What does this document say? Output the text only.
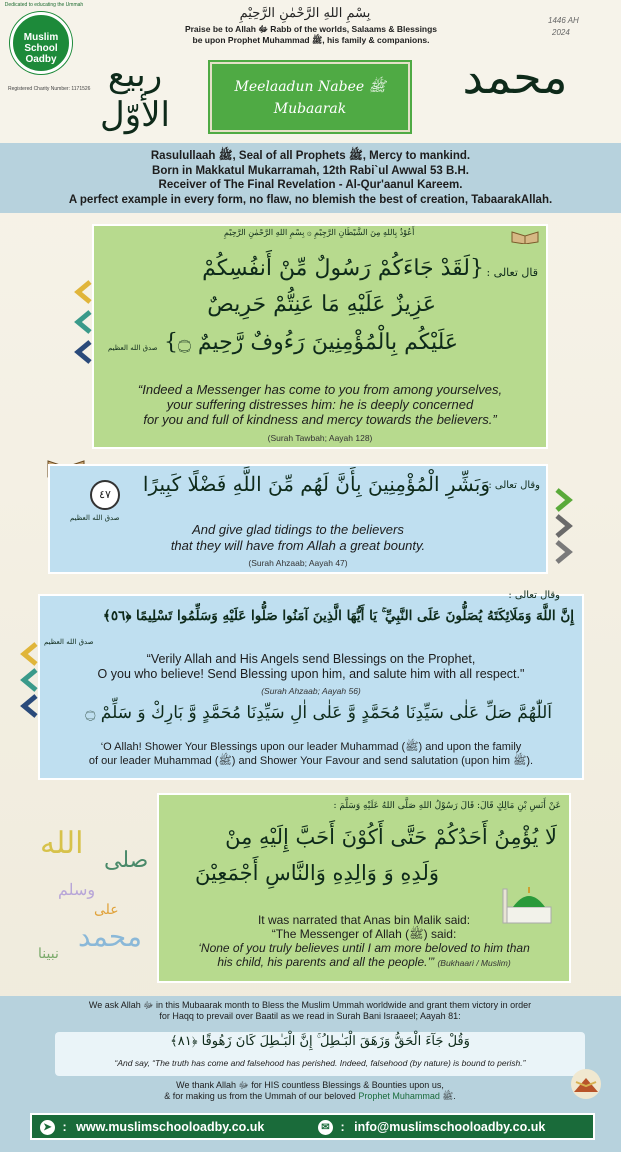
Muslim
School
Oadby
Dedicated to educating the Ummah
Registered Charity Number: 1171526
بِسْمِ اللهِ الرَّحْمٰنِ الرَّحِيْمِ
Praise be to Allah ﷻ Rabb of the worlds, Salaams & Blessings
be upon Prophet Muhammad ﷺ, his family & companions.
1446 AH
2024
ربيع الأوّل
محمد
Meelaadun Nabee ﷺ
Mubaarak
Rasulullaah ﷺ, Seal of all Prophets ﷺ, Mercy to mankind.
Born in Makkatul Mukarramah, 12th Rabi`ul Awwal 53 B.H.
Receiver of The Final Revelation - Al-Qur'aanul Kareem.
A perfect example in every form, no flaw, no blemish the best of creation, TabaarakAllah.
أَعُوْذُ بِاللهِ مِنَ الشَّيْطَانِ الرَّجِيْمِ ۞ بِسْمِ اللهِ الرَّحْمٰنِ الرَّحِيْمِ
قال تعالى :
{لَقَدْ جَاءَكُمْ رَسُولٌ مِّنْ أَنفُسِكُمْ
عَزِيزٌ عَلَيْهِ مَا عَنِتُّمْ حَرِيصٌ
عَلَيْكُم بِالْمُؤْمِنِينَ رَءُوفٌ رَّحِيمٌ ۝}
صدق الله العظيم
“Indeed a Messenger has come to you from among yourselves,
your suffering distresses him: he is deeply concerned
for you and full of kindness and mercy towards the believers.”
(Surah Tawbah; Aayah 128)
وقال تعالى :
وَبَشِّرِ الْمُؤْمِنِينَ بِأَنَّ لَهُم مِّنَ اللَّهِ فَضْلًا كَبِيرًا
٤٧
صدق الله العظيم
And give glad tidings to the believers
that they will have from Allah a great bounty.
(Surah Ahzaab; Aayah 47)
وقال تعالى :
إِنَّ اللَّهَ وَمَلَائِكَتَهُ يُصَلُّونَ عَلَى النَّبِيِّ ۚ يَا أَيُّهَا الَّذِينَ آمَنُوا صَلُّوا عَلَيْهِ وَسَلِّمُوا تَسْلِيمًا ﴿٥٦﴾
صدق الله العظيم
“Verily Allah and His Angels send Blessings on the Prophet,
O you who believe! Send Blessing upon him, and salute him with all respect."
(Surah Ahzaab; Aayah 56)
اَللّٰهُمَّ صَلِّ عَلٰى سَيِّدِنَا مُحَمَّدٍ وَّ عَلٰى اٰلِ سَيِّدِنَا مُحَمَّدٍ وَّ بَارِكْ وَ سَلِّمْ ۝
‘O Allah! Shower Your Blessings upon our leader Muhammad (ﷺ) and upon the family
of our leader Muhammad (ﷺ) and Shower Your Favour and send salutation (upon him ﷺ).
صلى
الله
وسلم
على
محمد
نبينا
عَنْ أَنَسِ بْنِ مَالِكٍ قَالَ: قَالَ رَسُوْلُ اللهِ صَلَّى اللهُ عَلَيْهِ وَسَلَّمَ :
لَا يُؤْمِنُ أَحَدُكُمْ حَتَّى أَكُوْنَ أَحَبَّ إِلَيْهِ مِنْ
وَلَدِهِ وَ وَالِدِهِ وَالنَّاسِ أَجْمَعِيْنَ
It was narrated that Anas bin Malik said:
“The Messenger of Allah (ﷺ) said:
‘None of you truly believes until I am more beloved to him than
his child, his parents and all the people.’” (Bukhaari / Muslim)
We ask Allah ﷻ in this Mubaarak month to Bless the Muslim Ummah worldwide and grant them victory in order
for Haqq to prevail over Baatil as we read in Surah Bani Israaeel; Aayah 81:
وَقُلْ جَآءَ الْحَقُّ وَزَهَقَ الْبَـٰطِلُ ۚ إِنَّ الْبَـٰطِلَ كَانَ زَهُوقًا ﴿٨١﴾
“And say, “The truth has come and falsehood has perished. Indeed, falsehood (by nature) is bound to perish.”
We thank Allah ﷻ for HIS countless Blessings & Bounties upon us,
& for making us from the Ummah of our beloved Prophet Muhammad ﷺ.
➤ : www.muslimschooloadby.co.uk	✉ : info@muslimschooloadby.co.uk
